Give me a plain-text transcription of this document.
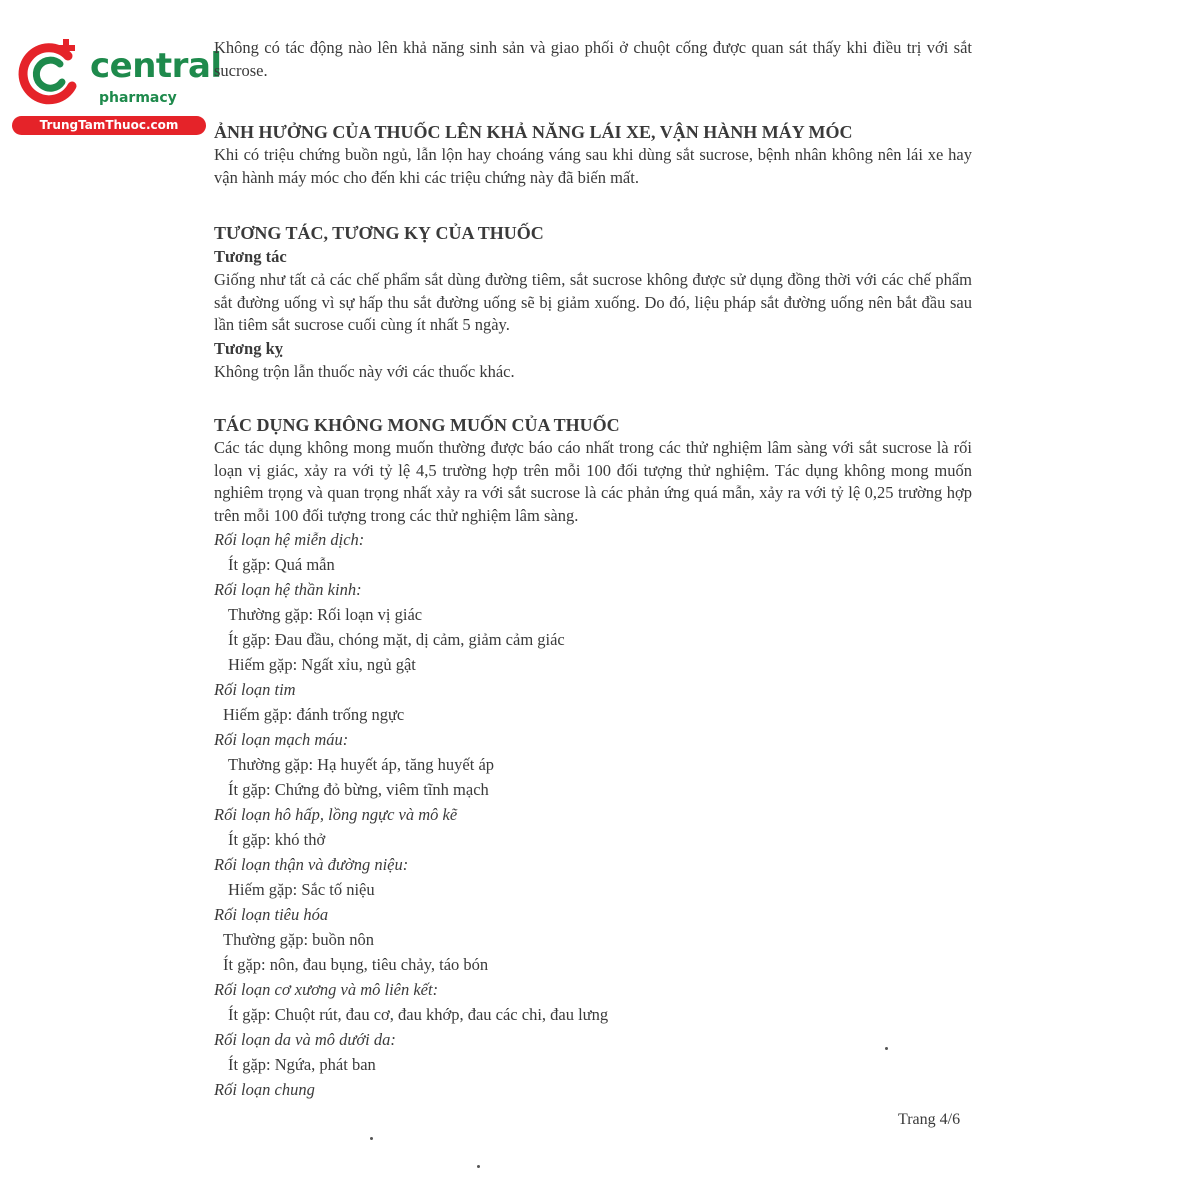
central
pharmacy
TrungTamThuoc.com

Không có tác động nào lên khả năng sinh sản và giao phối ở chuột cống được quan sát thấy khi điều trị với sắt sucrose.

ẢNH HƯỞNG CỦA THUỐC LÊN KHẢ NĂNG LÁI XE, VẬN HÀNH MÁY MÓC

Khi có triệu chứng buồn ngủ, lẫn lộn hay choáng váng sau khi dùng sắt sucrose, bệnh nhân không nên lái xe hay vận hành máy móc cho đến khi các triệu chứng này đã biến mất.

TƯƠNG TÁC, TƯƠNG KỴ CỦA THUỐC

Tương tác

Giống như tất cả các chế phẩm sắt dùng đường tiêm, sắt sucrose không được sử dụng đồng thời với các chế phẩm sắt đường uống vì sự hấp thu sắt đường uống sẽ bị giảm xuống. Do đó, liệu pháp sắt đường uống nên bắt đầu sau lần tiêm sắt sucrose cuối cùng ít nhất 5 ngày.

Tương kỵ

Không trộn lẫn thuốc này với các thuốc khác.

TÁC DỤNG KHÔNG MONG MUỐN CỦA THUỐC

Các tác dụng không mong muốn thường được báo cáo nhất trong các thử nghiệm lâm sàng với sắt sucrose là rối loạn vị giác, xảy ra với tỷ lệ 4,5 trường hợp trên mỗi 100 đối tượng thử nghiệm. Tác dụng không mong muốn nghiêm trọng và quan trọng nhất xảy ra với sắt sucrose là các phản ứng quá mẫn, xảy ra với tỷ lệ 0,25 trường hợp trên mỗi 100 đối tượng trong các thử nghiệm lâm sàng.

Rối loạn hệ miễn dịch:

Ít gặp: Quá mẫn

Rối loạn hệ thần kinh:

Thường gặp: Rối loạn vị giác

Ít gặp: Đau đầu, chóng mặt, dị cảm, giảm cảm giác

Hiếm gặp: Ngất xỉu, ngủ gật

Rối loạn tim

Hiếm gặp: đánh trống ngực

Rối loạn mạch máu:

Thường gặp: Hạ huyết áp, tăng huyết áp

Ít gặp: Chứng đỏ bừng, viêm tĩnh mạch

Rối loạn hô hấp, lồng ngực và mô kẽ

Ít gặp: khó thở

Rối loạn thận và đường niệu:

Hiếm gặp: Sắc tố niệu

Rối loạn tiêu hóa

Thường gặp: buồn nôn

Ít gặp: nôn, đau bụng, tiêu chảy, táo bón

Rối loạn cơ xương và mô liên kết:

Ít gặp: Chuột rút, đau cơ, đau khớp, đau các chi, đau lưng

Rối loạn da và mô dưới da:

Ít gặp: Ngứa, phát ban

Rối loạn chung

Trang 4/6
